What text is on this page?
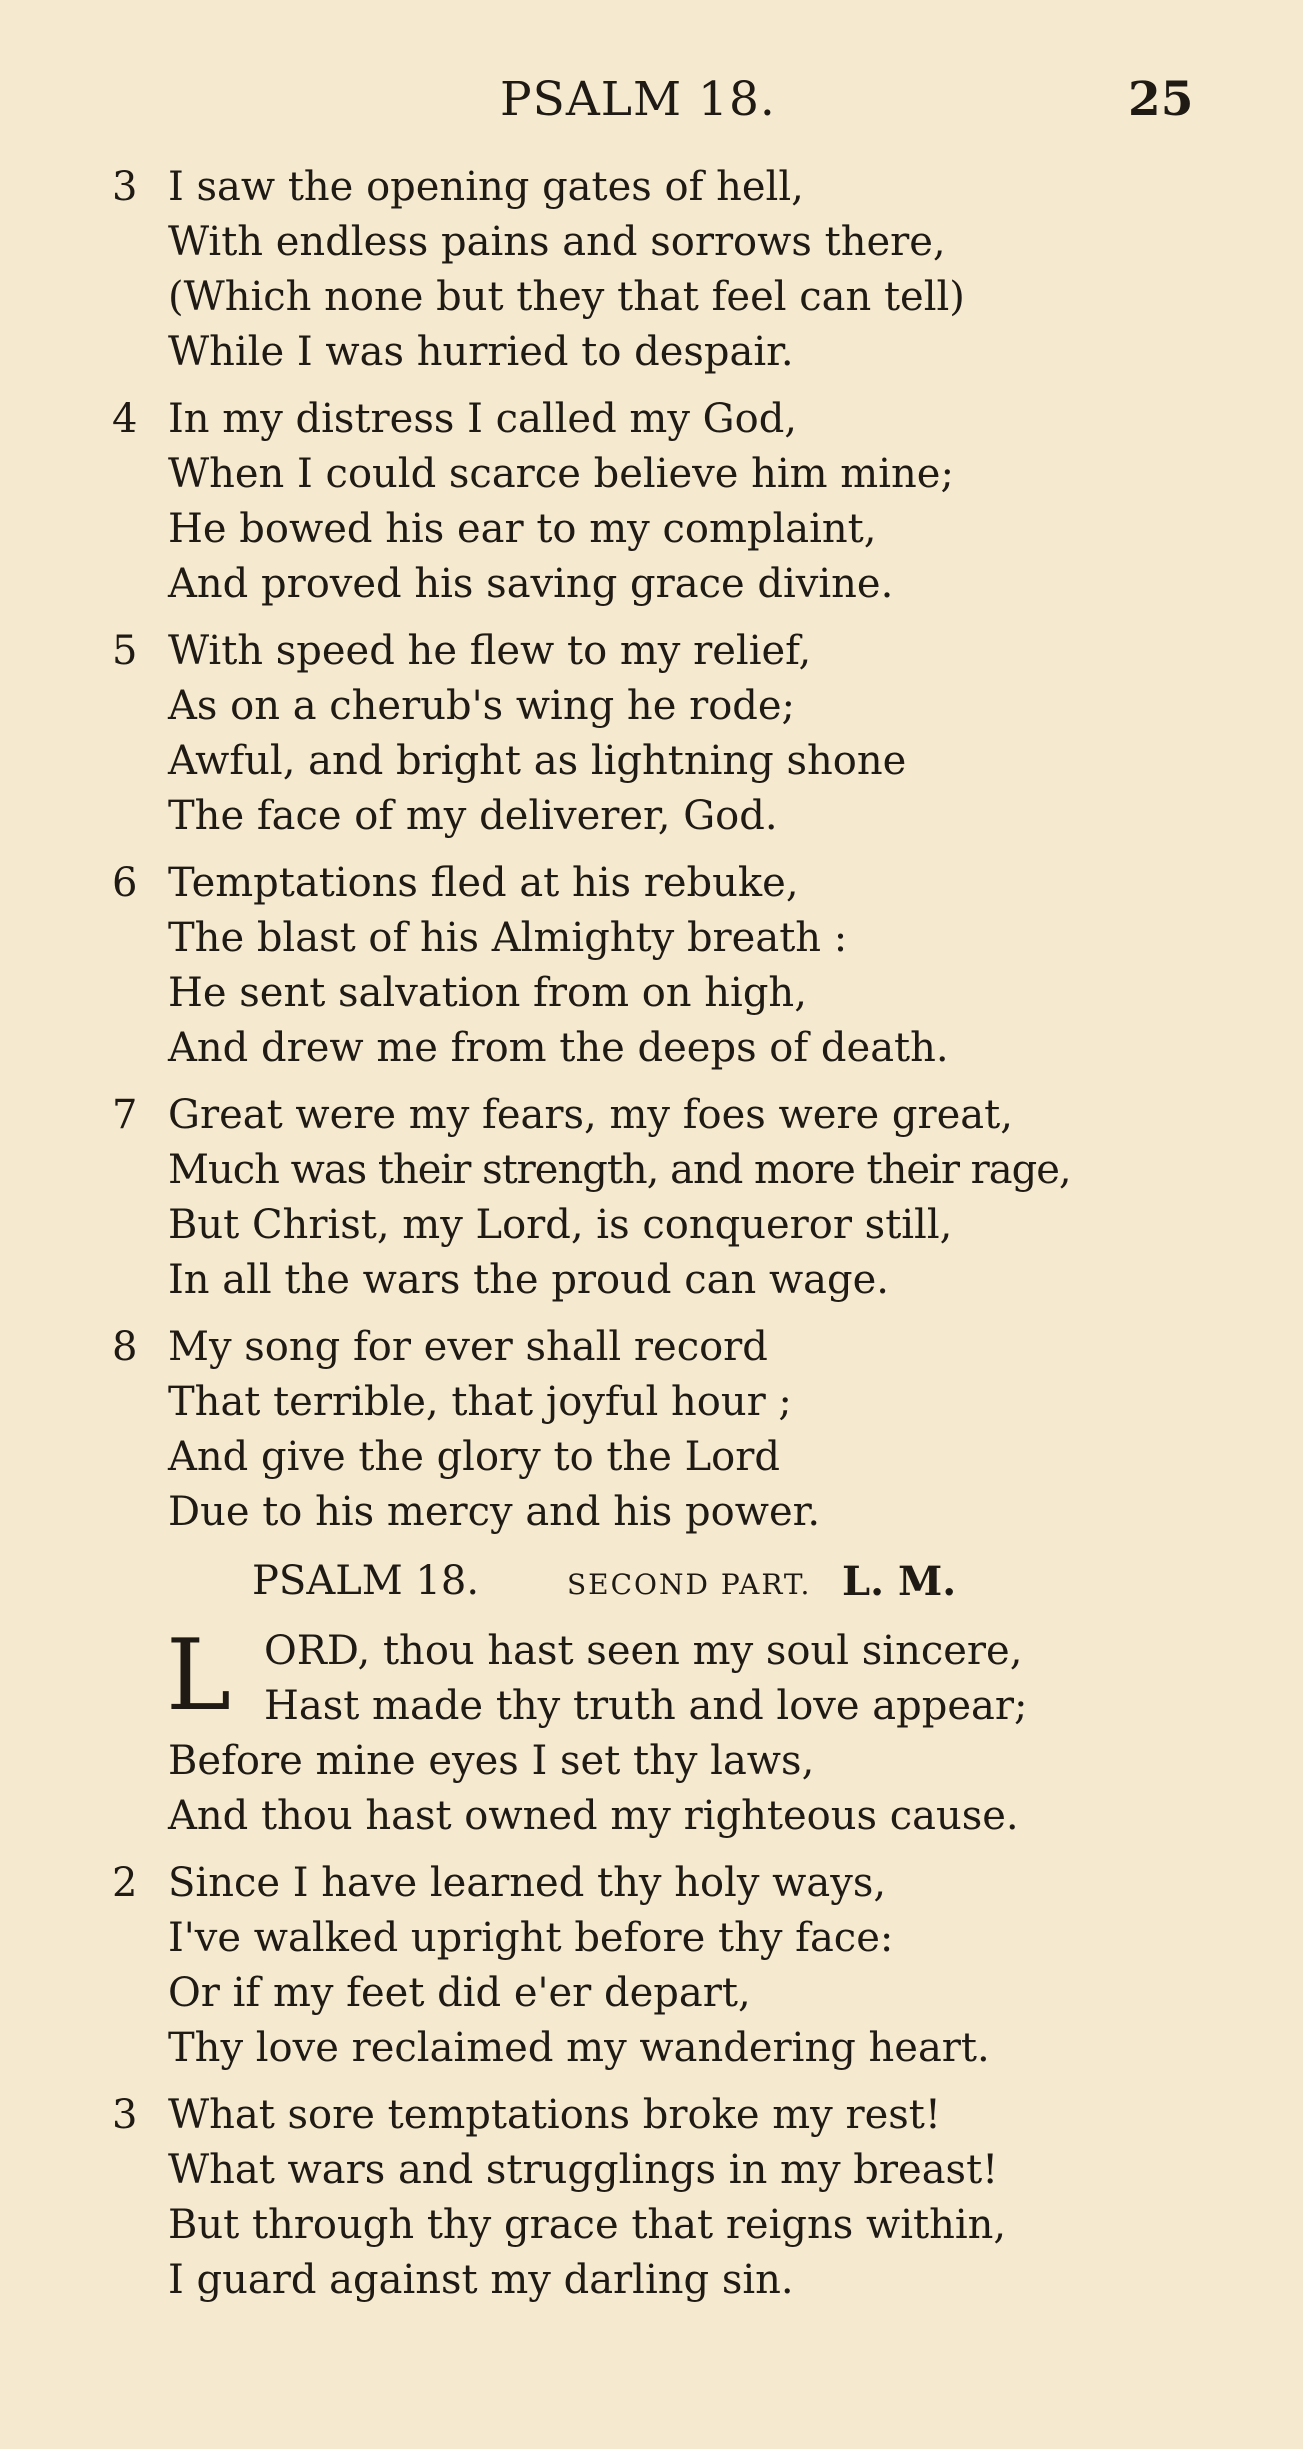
PSALM 18.	25
3 I saw the opening gates of hell,
With endless pains and sorrows there,
(Which none but they that feel can tell)
While I was hurried to despair.
4 In my distress I called my God,
When I could scarce believe him mine;
He bowed his ear to my complaint,
And proved his saving grace divine.
5 With speed he flew to my relief,
As on a cherub's wing he rode;
Awful, and bright as lightning shone
The face of my deliverer, God.
6 Temptations fled at his rebuke,
The blast of his Almighty breath :
He sent salvation from on high,
And drew me from the deeps of death.
7 Great were my fears, my foes were great,
Much was their strength, and more their rage,
But Christ, my Lord, is conqueror still,
In all the wars the proud can wage.
8 My song for ever shall record
That terrible, that joyful hour ;
And give the glory to the Lord
Due to his mercy and his power.
PSALM 18.	SECOND PART. L. M.
L ORD, thou hast seen my soul sincere,
Hast made thy truth and love appear;
Before mine eyes I set thy laws,
And thou hast owned my righteous cause.
2 Since I have learned thy holy ways,
I've walked upright before thy face:
Or if my feet did e'er depart,
Thy love reclaimed my wandering heart.
3 What sore temptations broke my rest!
What wars and strugglings in my breast!
But through thy grace that reigns within,
I guard against my darling sin.
